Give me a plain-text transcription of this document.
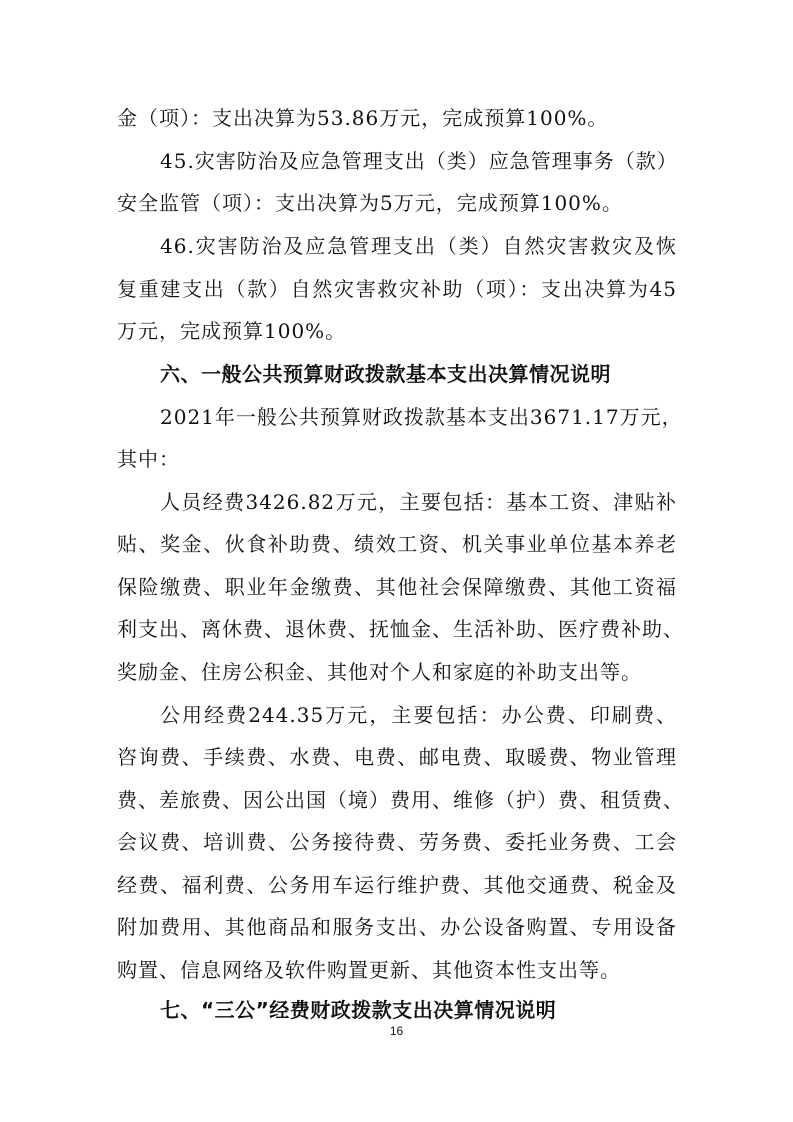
金（项）：支出决算为53.86万元，完成预算100%。
45.灾害防治及应急管理支出（类）应急管理事务（款）
安全监管（项）：支出决算为5万元，完成预算100%。
46.灾害防治及应急管理支出（类）自然灾害救灾及恢
复重建支出（款）自然灾害救灾补助（项）：支出决算为45
万元，完成预算100%。
六、一般公共预算财政拨款基本支出决算情况说明
2021年一般公共预算财政拨款基本支出3671.17万元，
其中：
人员经费3426.82万元，主要包括：基本工资、津贴补
贴、奖金、伙食补助费、绩效工资、机关事业单位基本养老
保险缴费、职业年金缴费、其他社会保障缴费、其他工资福
利支出、离休费、退休费、抚恤金、生活补助、医疗费补助、
奖励金、住房公积金、其他对个人和家庭的补助支出等。
公用经费244.35万元，主要包括：办公费、印刷费、
咨询费、手续费、水费、电费、邮电费、取暖费、物业管理
费、差旅费、因公出国（境）费用、维修（护）费、租赁费、
会议费、培训费、公务接待费、劳务费、委托业务费、工会
经费、福利费、公务用车运行维护费、其他交通费、税金及
附加费用、其他商品和服务支出、办公设备购置、专用设备
购置、信息网络及软件购置更新、其他资本性支出等。
七、“三公”经费财政拨款支出决算情况说明
16
